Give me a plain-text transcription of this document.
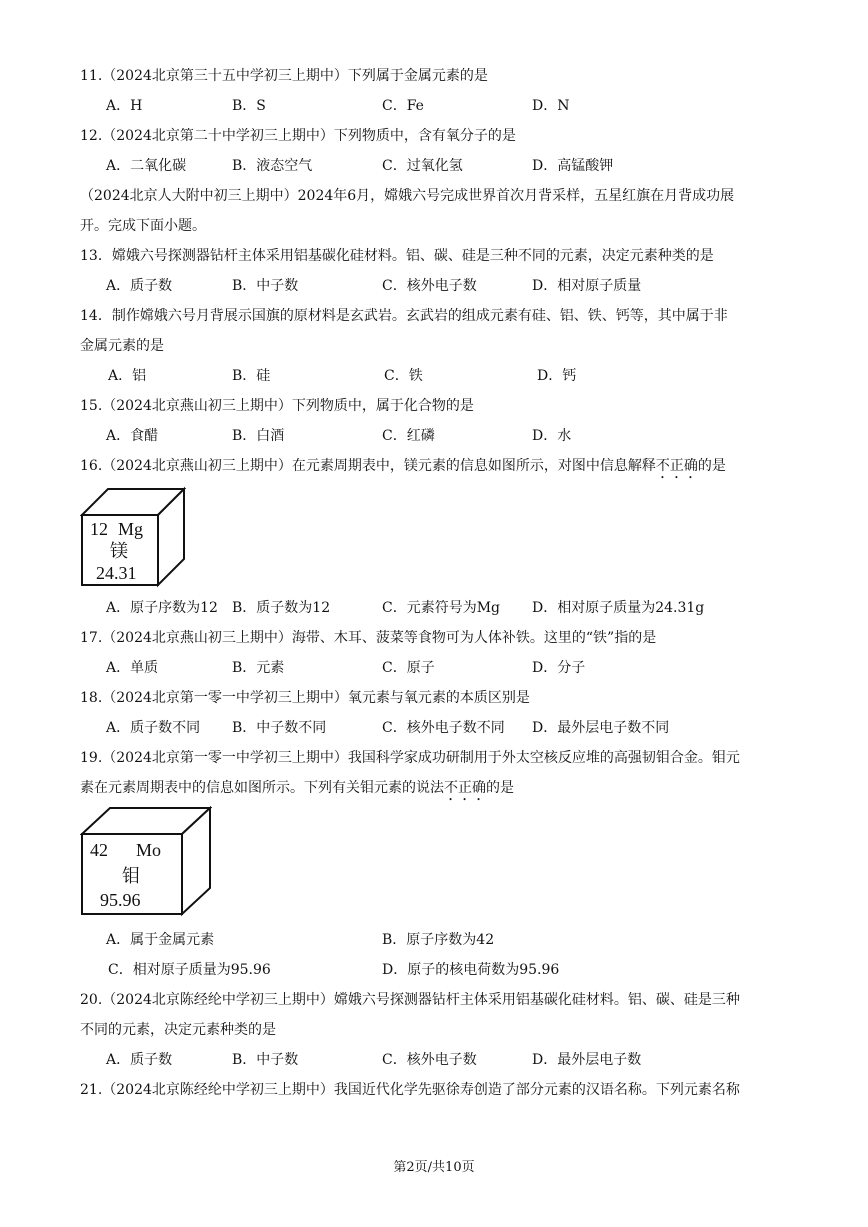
11.（2024北京第三十五中学初三上期中）下列属于金属元素的是
A．H	B．S	C．Fe	D．N
12.（2024北京第二十中学初三上期中）下列物质中，含有氧分子的是
A．二氧化碳	B．液态空气	C．过氧化氢	D．高锰酸钾
（2024北京人大附中初三上期中）2024年6月，嫦娥六号完成世界首次月背采样，五星红旗在月背成功展
开。完成下面小题。
13．嫦娥六号探测器钻杆主体采用铝基碳化硅材料。铝、碳、硅是三种不同的元素，决定元素种类的是
A．质子数	B．中子数	C．核外电子数	D．相对原子质量
14．制作嫦娥六号月背展示国旗的原材料是玄武岩。玄武岩的组成元素有硅、铝、铁、钙等，其中属于非
金属元素的是
A．铝	B．硅	C．铁	D．钙
15.（2024北京燕山初三上期中）下列物质中，属于化合物的是
A．食醋	B．白酒	C．红磷	D．水
16.（2024北京燕山初三上期中）在元素周期表中，镁元素的信息如图所示，对图中信息解释不正确的是
12 Mg
镁
24.31
A．原子序数为12 B．质子数为12	C．元素符号为Mg D．相对原子质量为24.31g
17.（2024北京燕山初三上期中）海带、木耳、菠菜等食物可为人体补铁。这里的“铁”指的是
A．单质	B．元素	C．原子	D．分子
18.（2024北京第一零一中学初三上期中）氧元素与氧元素的本质区别是
A．质子数不同 B．中子数不同	C．核外电子数不同 D．最外层电子数不同
19.（2024北京第一零一中学初三上期中）我国科学家成功研制用于外太空核反应堆的高强韧钼合金。钼元
素在元素周期表中的信息如图所示。下列有关钼元素的说法不正确的是
42 Mo
钼
95.96
A．属于金属元素	B．原子序数为42
C．相对原子质量为95.96	D．原子的核电荷数为95.96
20.（2024北京陈经纶中学初三上期中）嫦娥六号探测器钻杆主体采用铝基碳化硅材料。铝、碳、硅是三种
不同的元素，决定元素种类的是
A．质子数	B．中子数	C．核外电子数	D．最外层电子数
21.（2024北京陈经纶中学初三上期中）我国近代化学先驱徐寿创造了部分元素的汉语名称。下列元素名称
第2页/共10页
